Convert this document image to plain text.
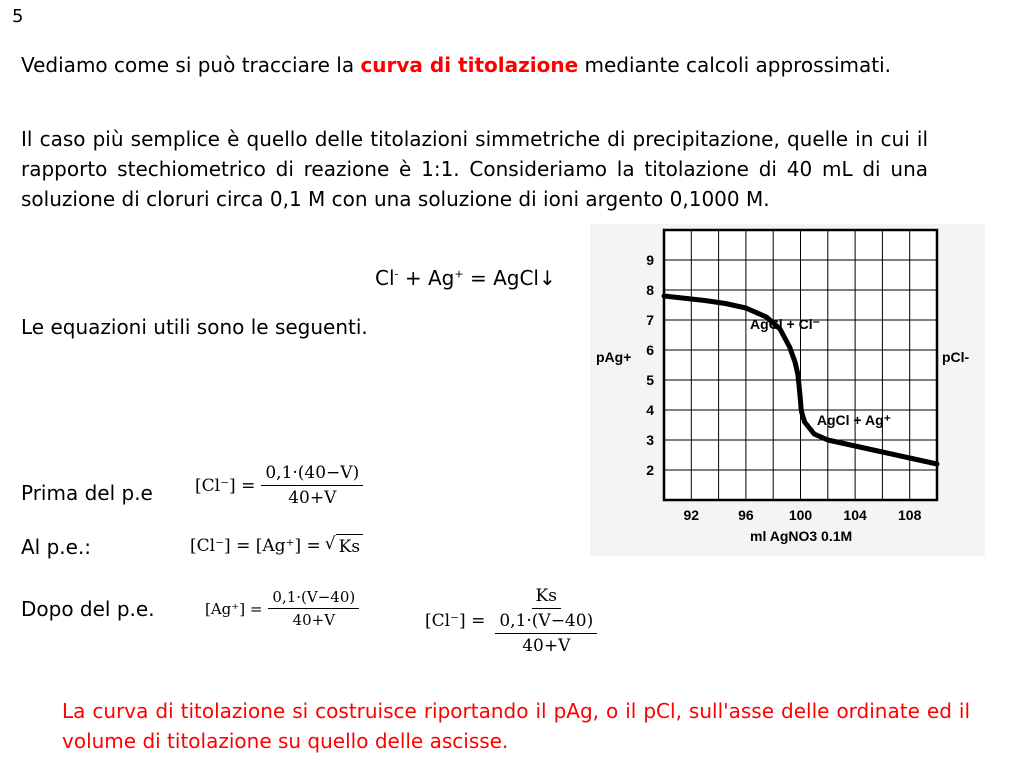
5

Vediamo come si può tracciare la curva di titolazione mediante calcoli approssimati.

Il caso più semplice è quello delle titolazioni simmetriche di precipitazione, quelle in cui il rapporto stechiometrico di reazione è 1:1. Consideriamo la titolazione di 40 mL di una soluzione di cloruri circa 0,1 M con una soluzione di ioni argento 0,1000 M.

Cl- + Ag+ = AgCl↓

Le equazioni utili sono le seguenti.

Prima del p.e $[Cl^-] = \frac{0,1\cdot(40-V)}{40+V}$
Al p.e.:	[Cl⁻] = [Ag⁺] = √ Ks
Dopo del p.e.	$[Ag^+] = \frac{0,1\cdot(V-40)}{40+V}$	[Cl⁻] = Ks
0,1·(V−40)
40+V

La curva di titolazione si costruisce riportando il pAg, o il pCl, sull'asse delle ordinate ed il volume di titolazione su quello delle ascisse.

2
3
4
5
6
7
8
9
92	96	100 104 108
AgCl + Cl⁻
AgCl + Ag⁺
pAg+	pCl-
ml AgNO3 0.1M
